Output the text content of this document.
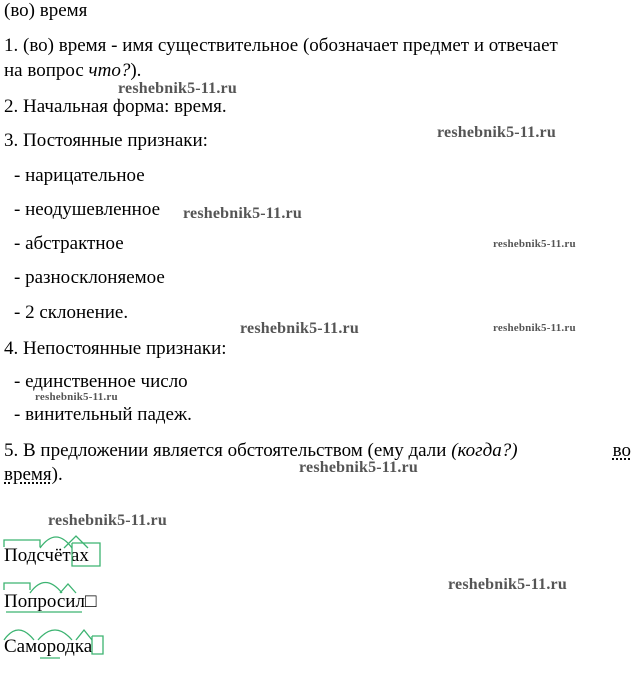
(во) время
1. (во) время - имя существительное (обозначает предмет и отвечает
на вопрос что?).
2. Начальная форма: время.
3. Постоянные признаки:
- нарицательное
- неодушевленное
- абстрактное
- разносклоняемое
- 2 склонение.
4. Непостоянные признаки:
- единственное число
- винительный падеж.
5. В предложении является обстоятельством (ему дали (когда?)	во
время).
Подсчётах
Попросил□
Самородка
reshebnik5-11.ru
reshebnik5-11.ru
reshebnik5-11.ru
reshebnik5-11.ru
reshebnik5-11.ru	reshebnik5-11.ru
reshebnik5-11.ru
reshebnik5-11.ru
reshebnik5-11.ru
reshebnik5-11.ru
